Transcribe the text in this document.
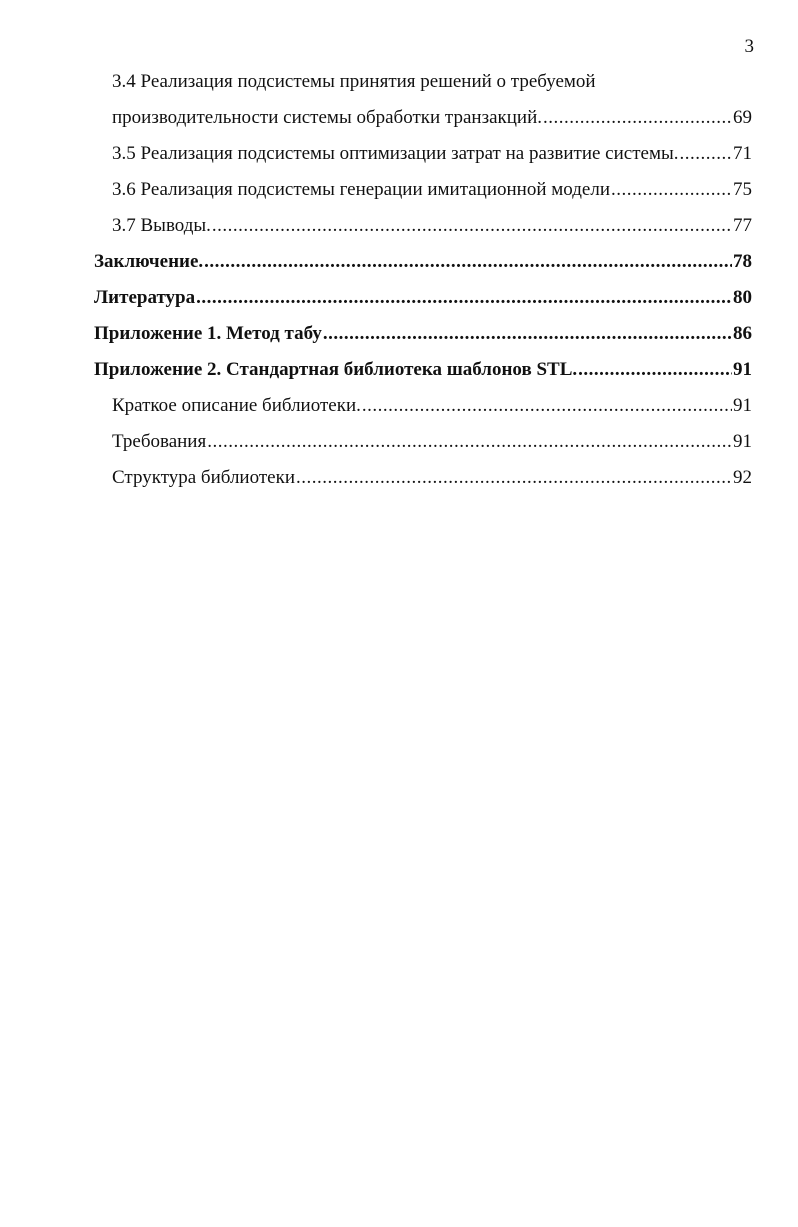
3
3.4 Реализация подсистемы принятия решений о требуемой
производительности системы обработки транзакций. .....	69
3.5 Реализация подсистемы оптимизации затрат на развитие системы. .....	71
3.6 Реализация подсистемы генерации имитационной модели .....	75
3.7 Выводы. .....	77
Заключение. .....	78
Литература .....	80
Приложение 1. Метод табу .....	86
Приложение 2. Стандартная библиотека шаблонов STL. .....	91
Краткое описание библиотеки. .....	91
Требования .....	91
Структура библиотеки .....	92
